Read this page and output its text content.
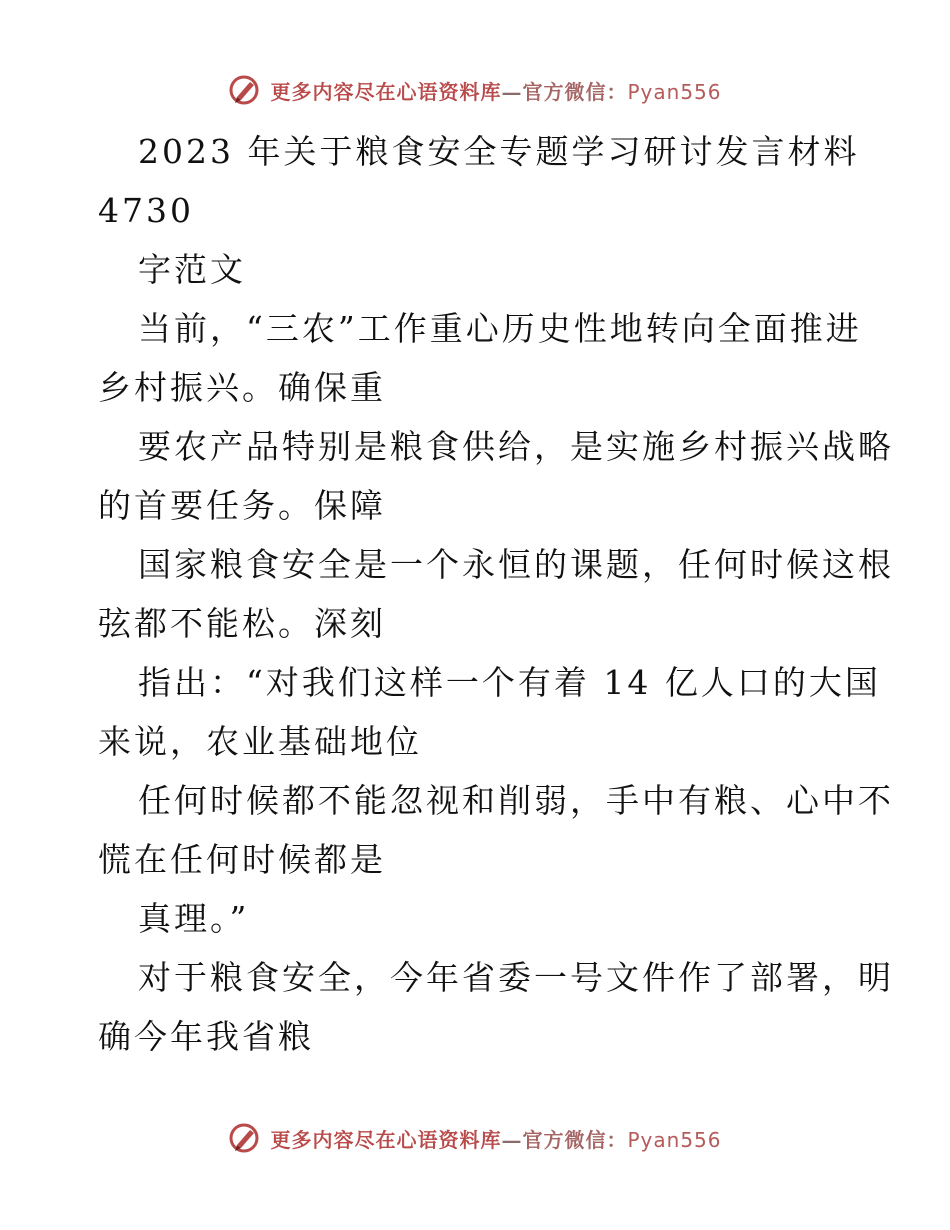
更多内容尽在心语资料库—官方微信：Pyan556
2023 年关于粮食安全专题学习研讨发言材料
4730
字范文
当前，“三农”工作重心历史性地转向全面推进
乡村振兴。确保重
要农产品特别是粮食供给，是实施乡村振兴战略
的首要任务。保障
国家粮食安全是一个永恒的课题，任何时候这根
弦都不能松。深刻
指出：“对我们这样一个有着 14 亿人口的大国
来说，农业基础地位
任何时候都不能忽视和削弱，手中有粮、心中不
慌在任何时候都是
真理。”
对于粮食安全，今年省委一号文件作了部署，明
确今年我省粮
更多内容尽在心语资料库—官方微信：Pyan556
